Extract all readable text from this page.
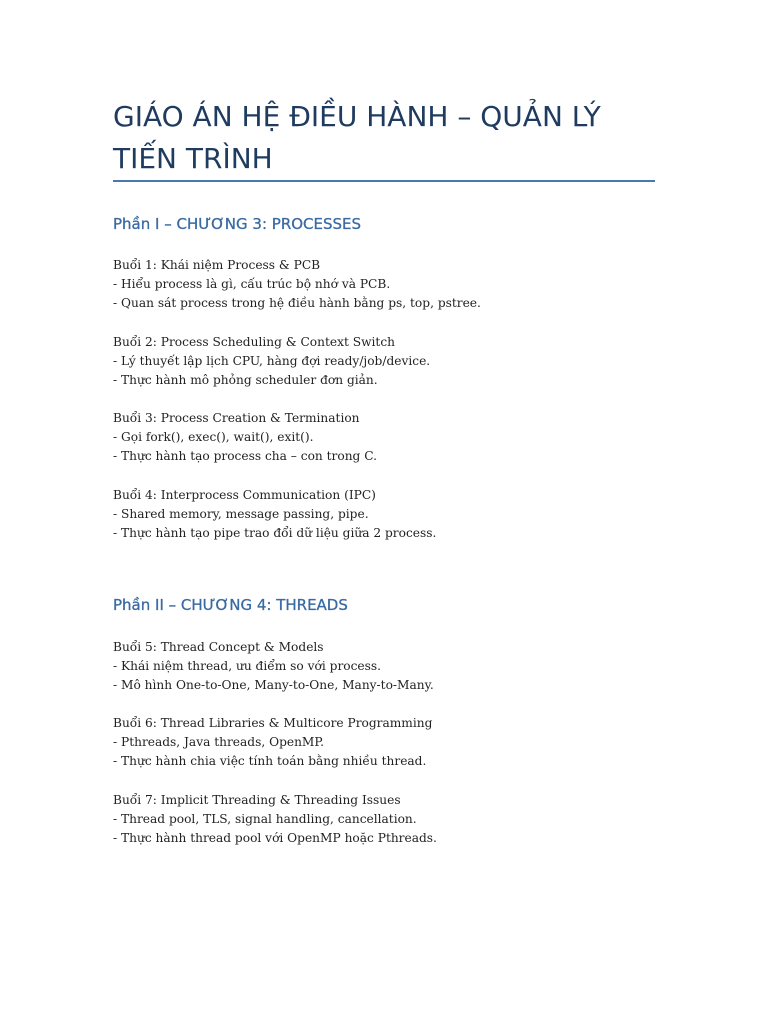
GIÁO ÁN HỆ ĐIỀU HÀNH – QUẢN LÝ
TIẾN TRÌNH
Phần I – CHƯƠNG 3: PROCESSES
Buổi 1: Khái niệm Process & PCB
- Hiểu process là gì, cấu trúc bộ nhớ và PCB.
- Quan sát process trong hệ điều hành bằng ps, top, pstree.
Buổi 2: Process Scheduling & Context Switch
- Lý thuyết lập lịch CPU, hàng đợi ready/job/device.
- Thực hành mô phỏng scheduler đơn giản.
Buổi 3: Process Creation & Termination
- Gọi fork(), exec(), wait(), exit().
- Thực hành tạo process cha – con trong C.
Buổi 4: Interprocess Communication (IPC)
- Shared memory, message passing, pipe.
- Thực hành tạo pipe trao đổi dữ liệu giữa 2 process.
Phần II – CHƯƠNG 4: THREADS
Buổi 5: Thread Concept & Models
- Khái niệm thread, ưu điểm so với process.
- Mô hình One-to-One, Many-to-One, Many-to-Many.
Buổi 6: Thread Libraries & Multicore Programming
- Pthreads, Java threads, OpenMP.
- Thực hành chia việc tính toán bằng nhiều thread.
Buổi 7: Implicit Threading & Threading Issues
- Thread pool, TLS, signal handling, cancellation.
- Thực hành thread pool với OpenMP hoặc Pthreads.
